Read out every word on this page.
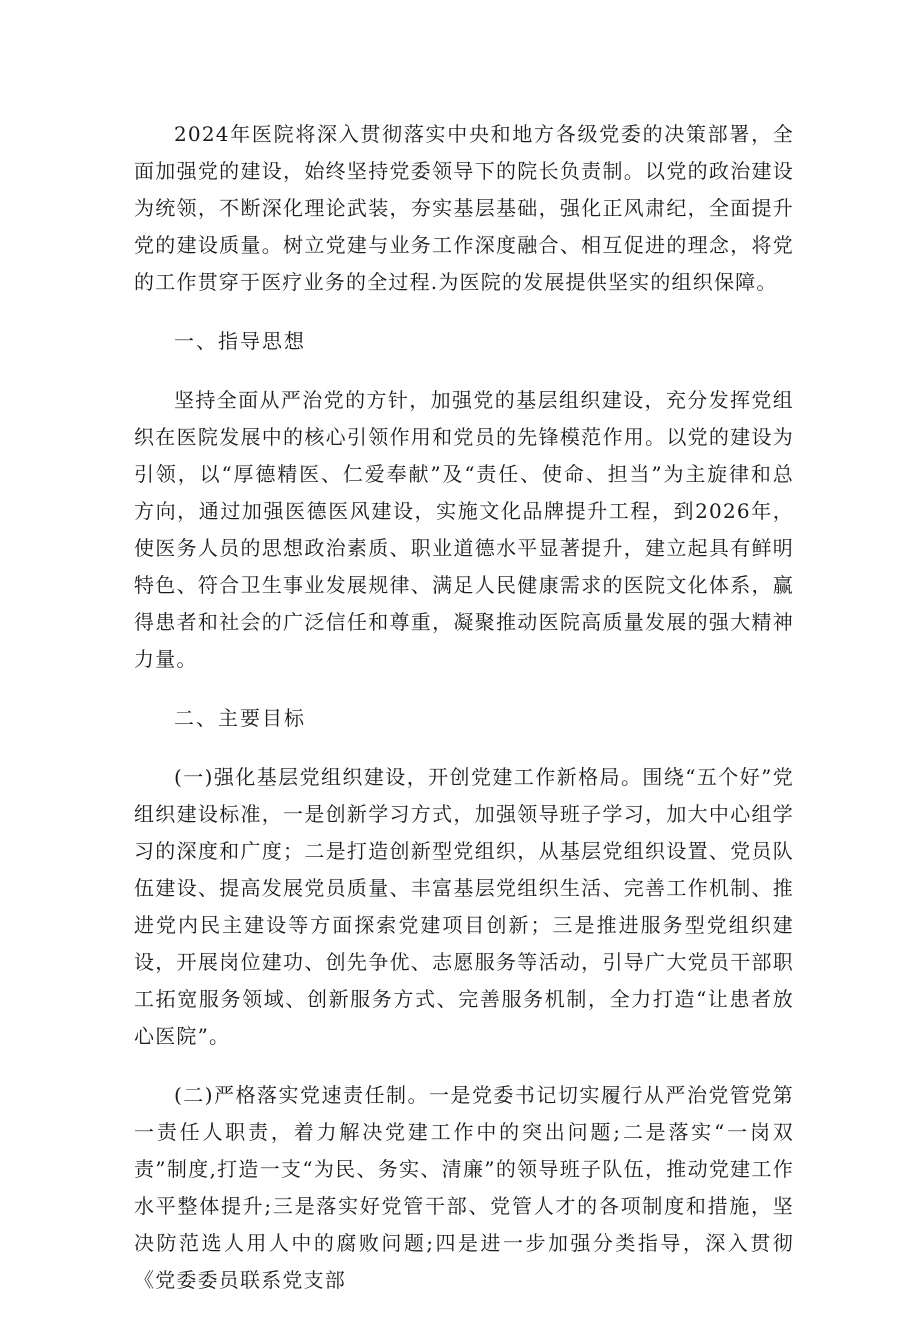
2024年医院将深入贯彻落实中央和地方各级党委的决策部署，全面加强党的建设，始终坚持党委领导下的院长负责制。以党的政治建设为统领，不断深化理论武装，夯实基层基础，强化正风肃纪，全面提升党的建设质量。树立党建与业务工作深度融合、相互促进的理念，将党的工作贯穿于医疗业务的全过程.为医院的发展提供坚实的组织保障。

一、指导思想

坚持全面从严治党的方针，加强党的基层组织建设，充分发挥党组织在医院发展中的核心引领作用和党员的先锋模范作用。以党的建设为引领，以“厚德精医、仁爱奉献”及“责任、使命、担当”为主旋律和总方向，通过加强医德医风建设，实施文化品牌提升工程，到2026年，使医务人员的思想政治素质、职业道德水平显著提升，建立起具有鲜明特色、符合卫生事业发展规律、满足人民健康需求的医院文化体系，赢得患者和社会的广泛信任和尊重，凝聚推动医院高质量发展的强大精神力量。

二、主要目标

(一)强化基层党组织建设，开创党建工作新格局。围绕“五个好”党组织建设标准，一是创新学习方式，加强领导班子学习，加大中心组学习的深度和广度；二是打造创新型党组织，从基层党组织设置、党员队伍建设、提高发展党员质量、丰富基层党组织生活、完善工作机制、推进党内民主建设等方面探索党建项目创新；三是推进服务型党组织建设，开展岗位建功、创先争优、志愿服务等活动，引导广大党员干部职工拓宽服务领域、创新服务方式、完善服务机制，全力打造“让患者放心医院”。

(二)严格落实党速责任制。一是党委书记切实履行从严治党管党第一责任人职责，着力解决党建工作中的突出问题;二是落实“一岗双责”制度,打造一支“为民、务实、清廉”的领导班子队伍，推动党建工作水平整体提升;三是落实好党管干部、党管人才的各项制度和措施，坚决防范选人用人中的腐败问题;四是进一步加强分类指导，深入贯彻《党委委员联系党支部
